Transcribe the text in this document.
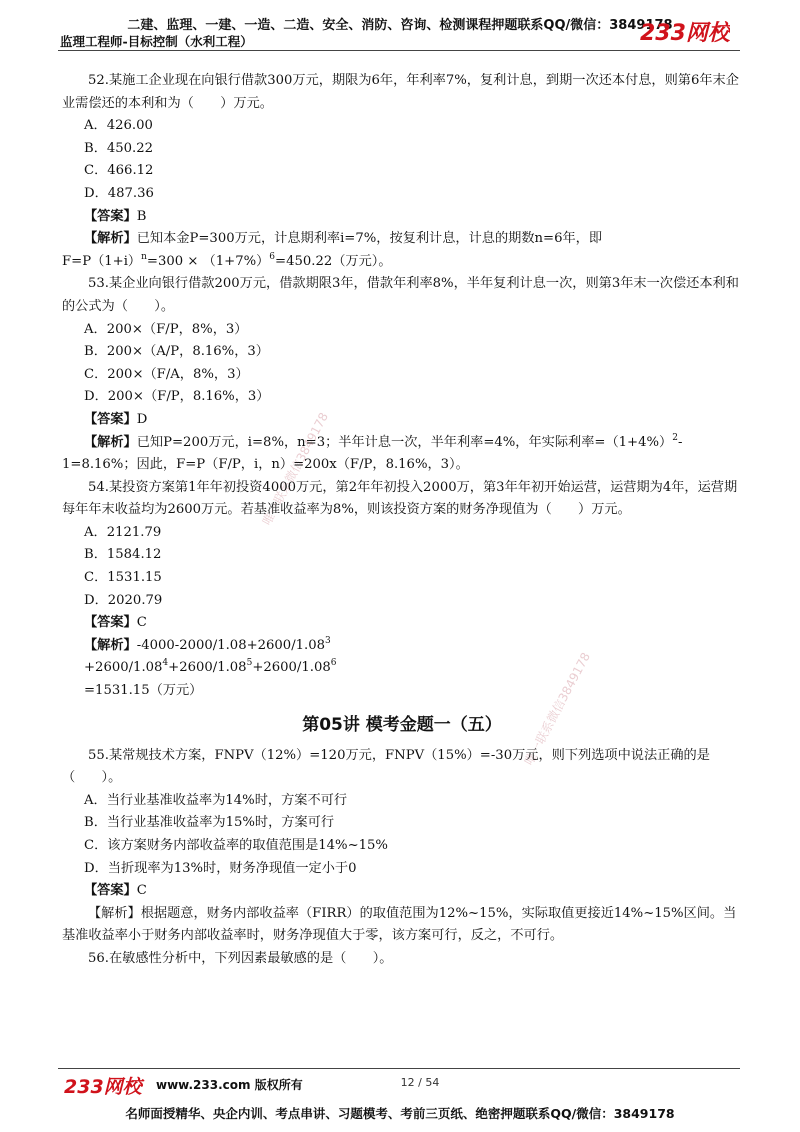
二建、监理、一建、一造、二造、安全、消防、咨询、检测课程押题联系QQ/微信：3849178
监理工程师-目标控制（水利工程）	233网校
唯一联系微信3849178
唯一联系微信3849178

52.某施工企业现在向银行借款300万元，期限为6年，年利率7%，复利计息，到期一次还本付息，则第6年末企业需偿还的本利和为（　　）万元。

A．426.00

B．450.22

C．466.12

D．487.36

【答案】B

【解析】已知本金P=300万元，计息期利率i=7%，按复利计息，计息的期数n=6年，即

$F=P(1+i)^n=300 \times (1+7\%)^6=450.22$（万元）。

53.某企业向银行借款200万元，借款期限3年，借款年利率8%，半年复利计息一次，则第3年末一次偿还本利和的公式为（　　）。

A．200×（F/P，8%，3）

B．200×（A/P，8.16%，3）

C．200×（F/A，8%，3）

D．200×（F/P，8.16%，3）

【答案】D

【解析】已知P=200万元，i=8%，n=3；半年计息一次，半年利率=4%，年实际利率$=(1+4\%)^2-$

1=8.16%；因此，F=P（F/P，i，n）=200x（F/P，8.16%，3）。

54.某投资方案第1年年初投资4000万元，第2年年初投入2000万，第3年年初开始运营，运营期为4年，运营期每年年末收益均为2600万元。若基准收益率为8%，则该投资方案的财务净现值为（　　）万元。

A．2121.79

B．1584.12

C．1531.15

D．2020.79

【答案】C

【解析】$-4000-2000/1.08+2600/1.08^3$

$+2600/1.08^4+2600/1.08^5+2600/1.08^6$

=1531.15（万元）

第05讲 模考金题一（五）

55.某常规技术方案，FNPV（12%）=120万元，FNPV（15%）=-30万元，则下列选项中说法正确的是（　　）。

A．当行业基准收益率为14%时，方案不可行

B．当行业基准收益率为15%时，方案可行

C．该方案财务内部收益率的取值范围是14%~15%

D．当折现率为13%时，财务净现值一定小于0

【答案】C

【解析】根据题意，财务内部收益率（FIRR）的取值范围为12%~15%，实际取值更接近14%~15%区间。当基准收益率小于财务内部收益率时，财务净现值大于零，该方案可行，反之，不可行。

56.在敏感性分析中，下列因素最敏感的是（　　）。

233网校 www.233.com 版权所有	12 / 54
名师面授精华、央企内训、考点串讲、习题模考、考前三页纸、绝密押题联系QQ/微信：3849178
